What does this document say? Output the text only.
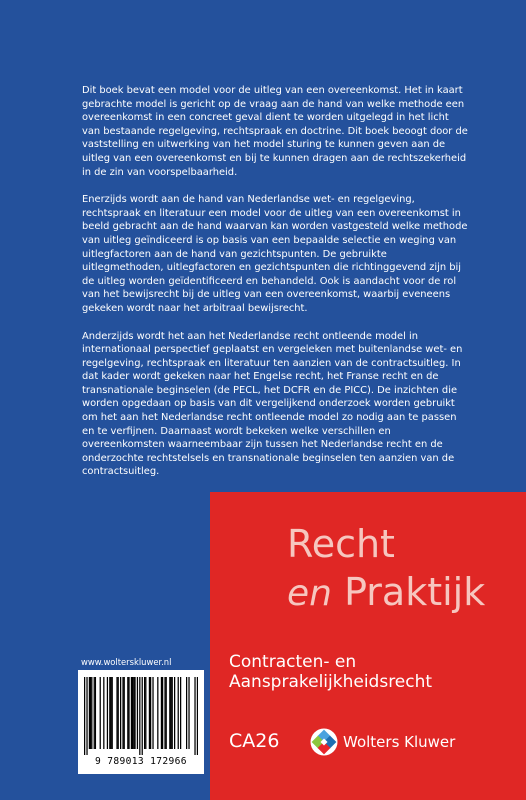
Dit boek bevat een model voor de uitleg van een overeenkomst. Het in kaart gebrachte model is gericht op de vraag aan de hand van welke methode een overeenkomst in een concreet geval dient te worden uitgelegd in het licht van bestaande regelgeving, rechtspraak en doctrine. Dit boek beoogt door de vaststelling en uitwerking van het model sturing te kunnen geven aan de uitleg van een overeenkomst en bij te kunnen dragen aan de rechtszekerheid in de zin van voorspelbaarheid.

Enerzijds wordt aan de hand van Nederlandse wet- en regelgeving, rechtspraak en literatuur een model voor de uitleg van een overeenkomst in beeld gebracht aan de hand waarvan kan worden vastgesteld welke methode van uitleg geïndiceerd is op basis van een bepaalde selectie en weging van uitlegfactoren aan de hand van gezichtspunten. De gebruikte uitlegmethoden, uitlegfactoren en gezichtspunten die richtinggevend zijn bij de uitleg worden geïdentificeerd en behandeld. Ook is aandacht voor de rol van het bewijsrecht bij de uitleg van een overeenkomst, waarbij eveneens gekeken wordt naar het arbitraal bewijsrecht.

Anderzijds wordt het aan het Nederlandse recht ontleende model in internationaal perspectief geplaatst en vergeleken met buitenlandse wet- en regelgeving, rechtspraak en literatuur ten aanzien van de contractsuitleg. In dat kader wordt gekeken naar het Engelse recht, het Franse recht en de transnationale beginselen (de PECL, het DCFR en de PICC). De inzichten die worden opgedaan op basis van dit vergelijkend onderzoek worden gebruikt om het aan het Nederlandse recht ontleende model zo nodig aan te passen en te verfijnen. Daarnaast wordt bekeken welke verschillen en overeenkomsten waarneembaar zijn tussen het Nederlandse recht en de onderzochte rechtstelsels en transnationale beginselen ten aanzien van de contractsuitleg.

www.wolterskluwer.nl
9 789013 172966
Recht
en Praktijk
Contracten- en
Aansprakelijkheidsrecht
CA26	Wolters Kluwer
